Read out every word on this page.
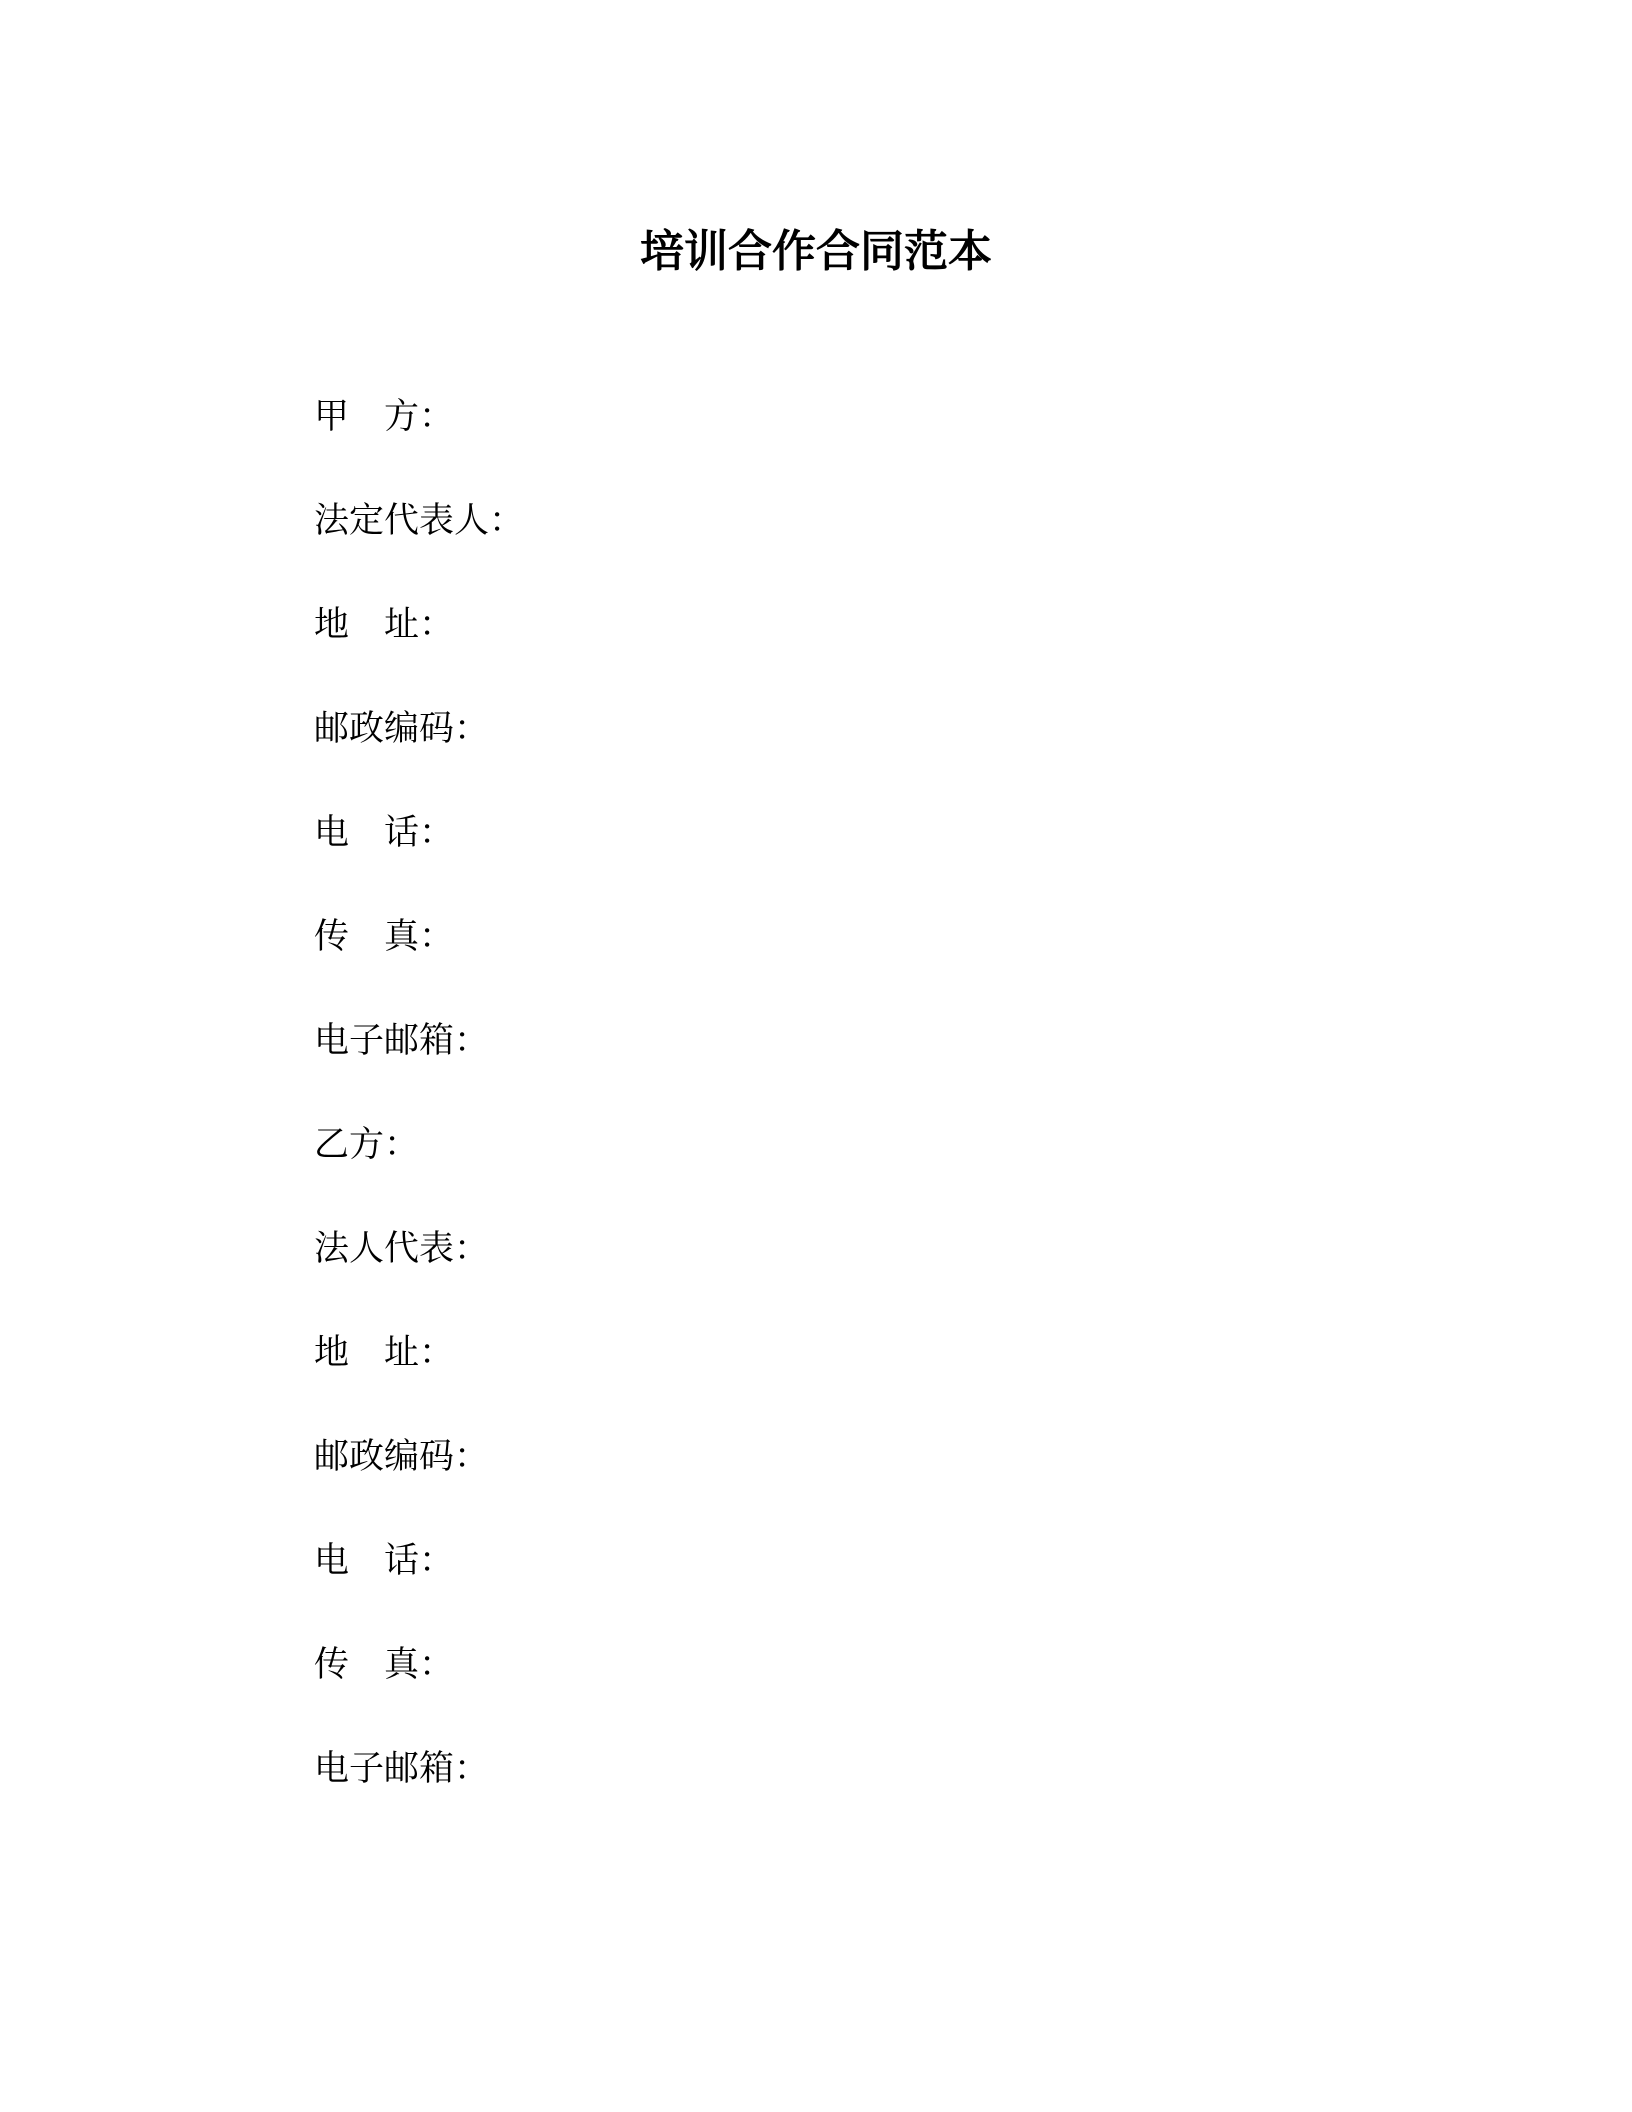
培训合作合同范本
甲　方：
法定代表人：
地　址：
邮政编码：
电　话：
传　真：
电子邮箱：
乙方：
法人代表：
地　址：
邮政编码：
电　话：
传　真：
电子邮箱：
